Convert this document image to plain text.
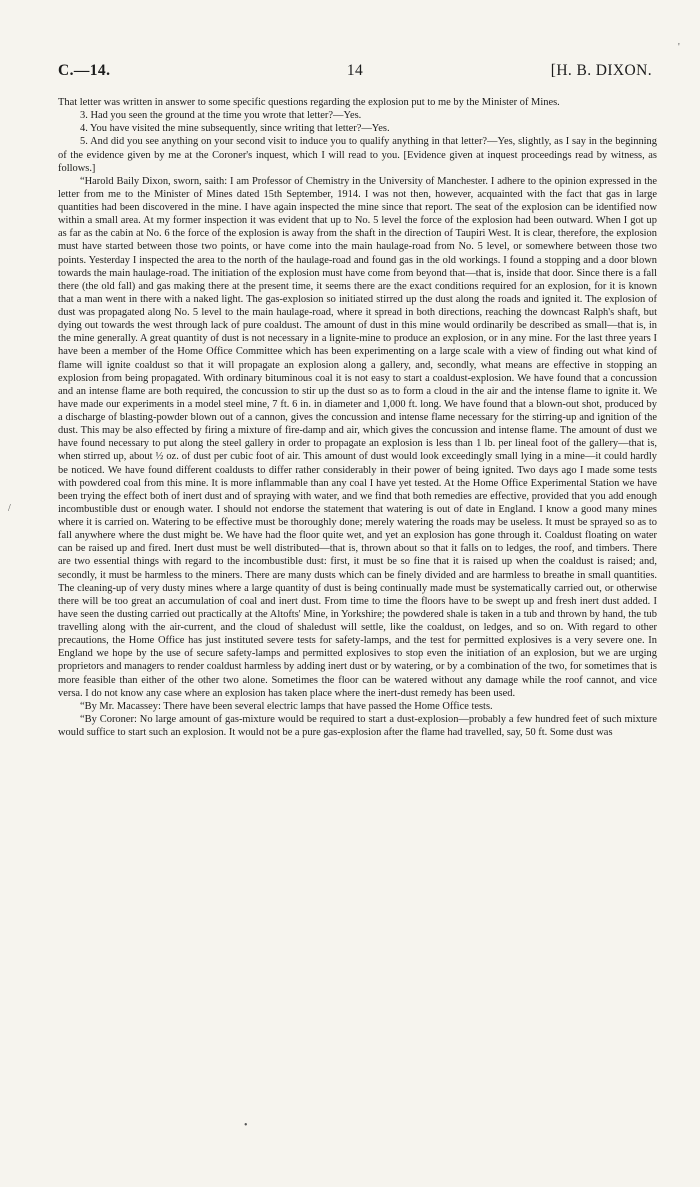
C.—14.	14	[H. B. DIXON.

That letter was written in answer to some specific questions regarding the explosion put to me by the Minister of Mines.

3. Had you seen the ground at the time you wrote that letter?—Yes.

4. You have visited the mine subsequently, since writing that letter?—Yes.

5. And did you see anything on your second visit to induce you to qualify anything in that letter?—Yes, slightly, as I say in the beginning of the evidence given by me at the Coroner's inquest, which I will read to you. [Evidence given at inquest proceedings read by witness, as follows.]

“Harold Baily Dixon, sworn, saith: I am Professor of Chemistry in the University of Manchester. I adhere to the opinion expressed in the letter from me to the Minister of Mines dated 15th September, 1914. I was not then, however, acquainted with the fact that gas in large quantities had been discovered in the mine. I have again inspected the mine since that report. The seat of the explosion can be identified now within a small area. At my former inspection it was evident that up to No. 5 level the force of the explosion had been outward. When I got up as far as the cabin at No. 6 the force of the explosion is away from the shaft in the direction of Taupiri West. It is clear, therefore, the explosion must have started between those two points, or have come into the main haulage-road from No. 5 level, or somewhere between those two points. Yesterday I inspected the area to the north of the haulage-road and found gas in the old workings. I found a stopping and a door blown towards the main haulage-road. The initiation of the explosion must have come from beyond that—that is, inside that door. Since there is a fall there (the old fall) and gas making there at the present time, it seems there are the exact conditions required for an explosion, for it is known that a man went in there with a naked light. The gas-explosion so initiated stirred up the dust along the roads and ignited it. The explosion of dust was propagated along No. 5 level to the main haulage-road, where it spread in both directions, reaching the downcast Ralph's shaft, but dying out towards the west through lack of pure coaldust. The amount of dust in this mine would ordinarily be described as small—that is, in the mine generally. A great quantity of dust is not necessary in a lignite-mine to produce an explosion, or in any mine. For the last three years I have been a member of the Home Office Committee which has been experimenting on a large scale with a view of finding out what kind of flame will ignite coaldust so that it will propagate an explosion along a gallery, and, secondly, what means are effective in stopping an explosion from being propagated. With ordinary bituminous coal it is not easy to start a coaldust-explosion. We have found that a concussion and an intense flame are both required, the concussion to stir up the dust so as to form a cloud in the air and the intense flame to ignite it. We have made our experiments in a model steel mine, 7 ft. 6 in. in diameter and 1,000 ft. long. We have found that a blown-out shot, produced by a discharge of blasting-powder blown out of a cannon, gives the concussion and intense flame necessary for the stirring-up and ignition of the dust. This may be also effected by firing a mixture of fire-damp and air, which gives the concussion and intense flame. The amount of dust we have found necessary to put along the steel gallery in order to propagate an explosion is less than 1 lb. per lineal foot of the gallery—that is, when stirred up, about ½ oz. of dust per cubic foot of air. This amount of dust would look exceedingly small lying in a mine—it could hardly be noticed. We have found different coaldusts to differ rather considerably in their power of being ignited. Two days ago I made some tests with powdered coal from this mine. It is more inflammable than any coal I have yet tested. At the Home Office Experimental Station we have been trying the effect both of inert dust and of spraying with water, and we find that both remedies are effective, provided that you add enough incombustible dust or enough water. I should not endorse the statement that watering is out of date in England. I know a good many mines where it is carried on. Watering to be effective must be thoroughly done; merely watering the roads may be useless. It must be sprayed so as to fall anywhere where the dust might be. We have had the floor quite wet, and yet an explosion has gone through it. Coaldust floating on water can be raised up and fired. Inert dust must be well distributed—that is, thrown about so that it falls on to ledges, the roof, and timbers. There are two essential things with regard to the incombustible dust: first, it must be so fine that it is raised up when the coaldust is raised; and, secondly, it must be harmless to the miners. There are many dusts which can be finely divided and are harmless to breathe in small quantities. The cleaning-up of very dusty mines where a large quantity of dust is being continually made must be systematically carried out, or otherwise there will be too great an accumulation of coal and inert dust. From time to time the floors have to be swept up and fresh inert dust added. I have seen the dusting carried out practically at the Altofts' Mine, in Yorkshire; the powdered shale is taken in a tub and thrown by hand, the tub travelling along with the air-current, and the cloud of shaledust will settle, like the coaldust, on ledges, and so on. With regard to other precautions, the Home Office has just instituted severe tests for safety-lamps, and the test for permitted explosives is a very severe one. In England we hope by the use of secure safety-lamps and permitted explosives to stop even the initiation of an explosion, but we are urging proprietors and managers to render coaldust harmless by adding inert dust or by watering, or by a combination of the two, for sometimes that is more feasible than either of the other two alone. Sometimes the floor can be watered without any damage while the roof cannot, and vice versa. I do not know any case where an explosion has taken place where the inert-dust remedy has been used.

“By Mr. Macassey: There have been several electric lamps that have passed the Home Office tests.

“By Coroner: No large amount of gas-mixture would be required to start a dust-explosion—probably a few hundred feet of such mixture would suffice to start such an explosion. It would not be a pure gas-explosion after the flame had travelled, say, 50 ft. Some dust was

'
/
•
